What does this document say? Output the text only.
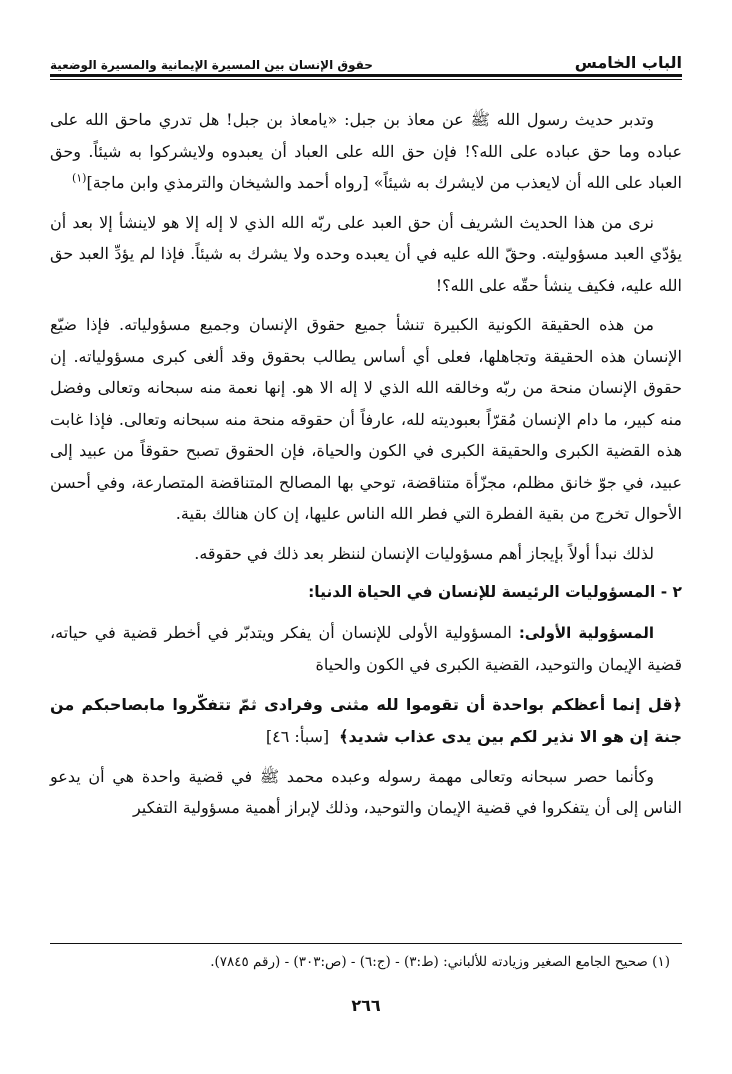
الباب الخامس
حقوق الإنسان بين المسيرة الإيمانية والمسيرة الوضعية

وتدبر حديث رسول الله ﷺ عن معاذ بن جبل: «يامعاذ بن جبل! هل تدري ماحق الله على عباده وما حق عباده على الله؟! فإن حق الله على العباد أن يعبدوه ولايشركوا به شيئاً. وحق العباد على الله أن لايعذب من لايشرك به شيئاً» [رواه أحمد والشيخان والترمذي وابن ماجة]$^{(١)}$

نرى من هذا الحديث الشريف أن حق العبد على ربّه الله الذي لا إله إلا هو لاينشأ إلا بعد أن يؤدّي العبد مسؤوليته. وحقّ الله عليه في أن يعبده وحده ولا يشرك به شيئاً. فإذا لم يؤدِّ العبد حق الله عليه، فكيف ينشأ حقّه على الله؟!

من هذه الحقيقة الكونية الكبيرة تنشأ جميع حقوق الإنسان وجميع مسؤولياته. فإذا ضيّع الإنسان هذه الحقيقة وتجاهلها، فعلى أي أساس يطالب بحقوق وقد ألغى كبرى مسؤولياته. إن حقوق الإنسان منحة من ربّه وخالقه الله الذي لا إله الا هو. إنها نعمة منه سبحانه وتعالى وفضل منه كبير، ما دام الإنسان مُقرّاً بعبوديته لله، عارفاً أن حقوقه منحة منه سبحانه وتعالى. فإذا غابت هذه القضية الكبرى والحقيقة الكبرى في الكون والحياة، فإن الحقوق تصبح حقوقاً من عبيد إلى عبيد، في جوّ خانق مظلم، مجزّأة متناقضة، توحي بها المصالح المتناقضة المتصارعة، وفي أحسن الأحوال تخرج من بقية الفطرة التي فطر الله الناس عليها، إن كان هنالك بقية.

لذلك نبدأ أولاً بإيجاز أهم مسؤوليات الإنسان لننظر بعد ذلك في حقوقه.

٢ - المسؤوليات الرئيسة للإنسان في الحياة الدنيا:

المسؤولية الأولى: المسؤولية الأولى للإنسان أن يفكر ويتدبّر في أخطر قضية في حياته، قضية الإيمان والتوحيد، القضية الكبرى في الكون والحياة

﴿قل إنما أعظكم بواحدة أن تقوموا لله مثنى وفرادى ثمّ تتفكّروا مابصاحبكم من جنة إن هو الا نذير لكم بين يدى عذاب شديد﴾[سبأ: ٤٦]

وكأنما حصر سبحانه وتعالى مهمة رسوله وعبده محمد ﷺ في قضية واحدة هي أن يدعو الناس إلى أن يتفكروا في قضية الإيمان والتوحيد، وذلك لإبراز أهمية مسؤولية التفكير

(١) صحيح الجامع الصغير وزيادته للألباني: (ط:٣) - (ج:٦) - (ص:٣٠٣) - (رقم ٧٨٤٥).
٢٦٦
